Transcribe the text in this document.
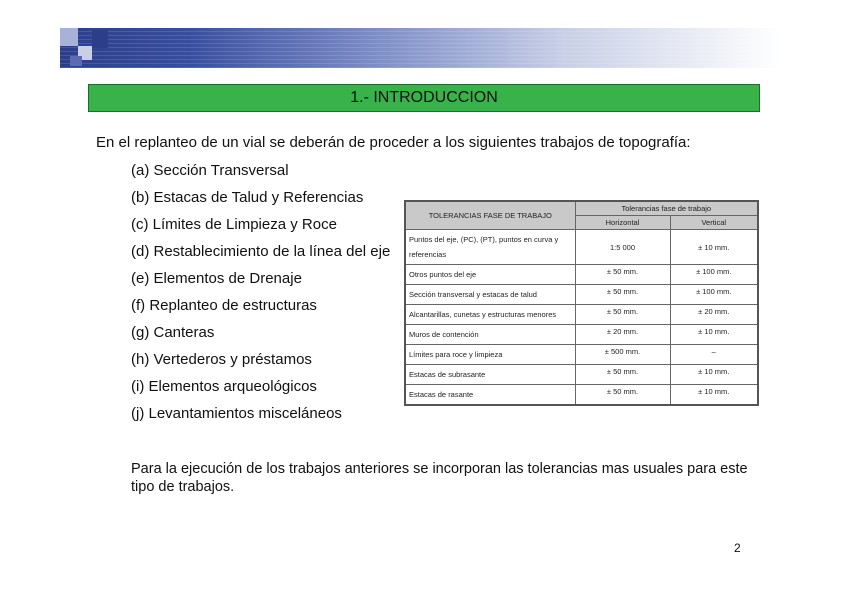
1.- INTRODUCCION
En el replanteo de un vial se deberán de proceder a los siguientes trabajos de topografía:
(a) Sección Transversal
(b) Estacas de Talud y Referencias
(c) Límites de Limpieza y Roce
(d) Restablecimiento de la línea del eje
(e) Elementos de Drenaje
(f) Replanteo de estructuras
(g) Canteras
(h) Vertederos y préstamos
(i) Elementos arqueológicos
(j) Levantamientos misceláneos
TOLERANCIAS FASE DE TRABAJO	Tolerancias fase de trabajo	
	Horizontal	Vertical
Puntos del eje, (PC), (PT), puntos en curva y referencias	1:5 000	± 10 mm.
Otros puntos del eje	± 50 mm.	± 100 mm.
Sección transversal y estacas de talud	± 50 mm.	± 100 mm.
Alcantarillas, cunetas y estructuras menores	± 50 mm.	± 20 mm.
Muros de contención	± 20 mm.	± 10 mm.
Límites para roce y limpieza	± 500 mm.	–
Estacas de subrasante	± 50 mm.	± 10 mm.
Estacas de rasante	± 50 mm.	± 10 mm.
Para la ejecución de los trabajos anteriores se incorporan las tolerancias mas usuales para este tipo de trabajos.
2
